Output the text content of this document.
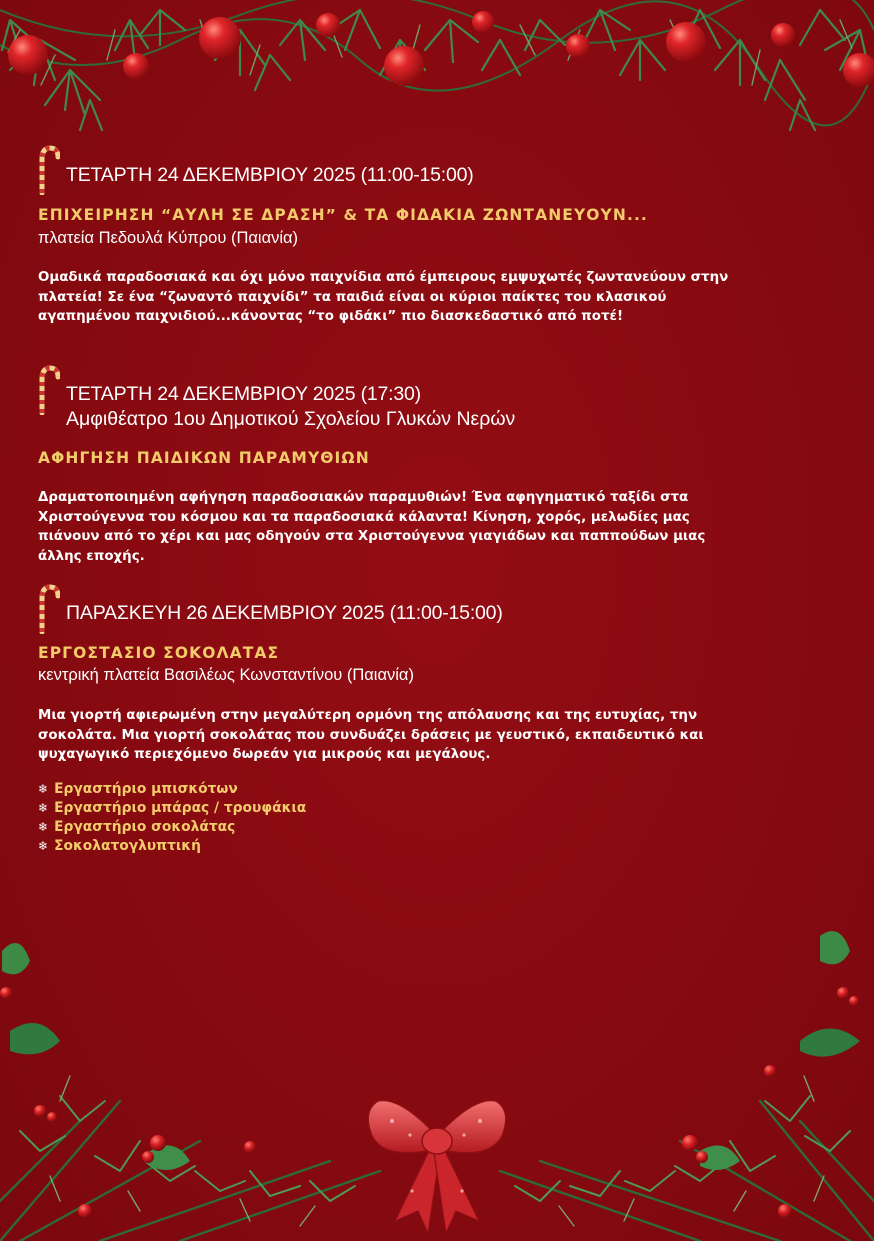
ΤΕΤΑΡΤΗ 24 ΔΕΚΕΜΒΡΙΟΥ 2025 (11:00-15:00)
ΕΠΙΧΕΙΡΗΣΗ “ΑΥΛΗ ΣΕ ΔΡΑΣΗ” & ΤΑ ΦΙΔΑΚΙΑ ΖΩΝΤΑΝΕΥΟΥΝ...
πλατεία Πεδουλά Κύπρου (Παιανία)
Ομαδικά παραδοσιακά και όχι μόνο παιχνίδια από έμπειρους εμψυχωτές ζωντανεύουν στην
πλατεία! Σε ένα “ζωναντό παιχνίδι” τα παιδιά είναι οι κύριοι παίκτες του κλασικού
αγαπημένου παιχνιδιού...κάνοντας “το φιδάκι” πιο διασκεδαστικό από ποτέ!
ΤΕΤΑΡΤΗ 24 ΔΕΚΕΜΒΡΙΟΥ 2025 (17:30)
Αμφιθέατρο 1ου Δημοτικού Σχολείου Γλυκών Νερών
ΑΦΗΓΗΣΗ ΠΑΙΔΙΚΩΝ ΠΑΡΑΜΥΘΙΩΝ
Δραματοποιημένη αφήγηση παραδοσιακών παραμυθιών! Ένα αφηγηματικό ταξίδι στα
Χριστούγεννα του κόσμου και τα παραδοσιακά κάλαντα! Κίνηση, χορός, μελωδίες μας
πιάνουν από το χέρι και μας οδηγούν στα Χριστούγεννα γιαγιάδων και παππούδων μιας
άλλης εποχής.
ΠΑΡΑΣΚΕΥΗ 26 ΔΕΚΕΜΒΡΙΟΥ 2025 (11:00-15:00)
ΕΡΓΟΣΤΑΣΙΟ ΣΟΚΟΛΑΤΑΣ
κεντρική πλατεία Βασιλέως Κωνσταντίνου (Παιανία)
Μια γιορτή αφιερωμένη στην μεγαλύτερη ορμόνη της απόλαυσης και της ευτυχίας, την
σοκολάτα. Μια γιορτή σοκολάτας που συνδυάζει δράσεις με γευστικό, εκπαιδευτικό και
ψυχαγωγικό περιεχόμενο δωρεάν για μικρούς και μεγάλους.
❄ Εργαστήριο μπισκότων
❄ Εργαστήριο μπάρας / τρουφάκια
❄ Εργαστήριο σοκολάτας
❄ Σοκολατογλυπτική
